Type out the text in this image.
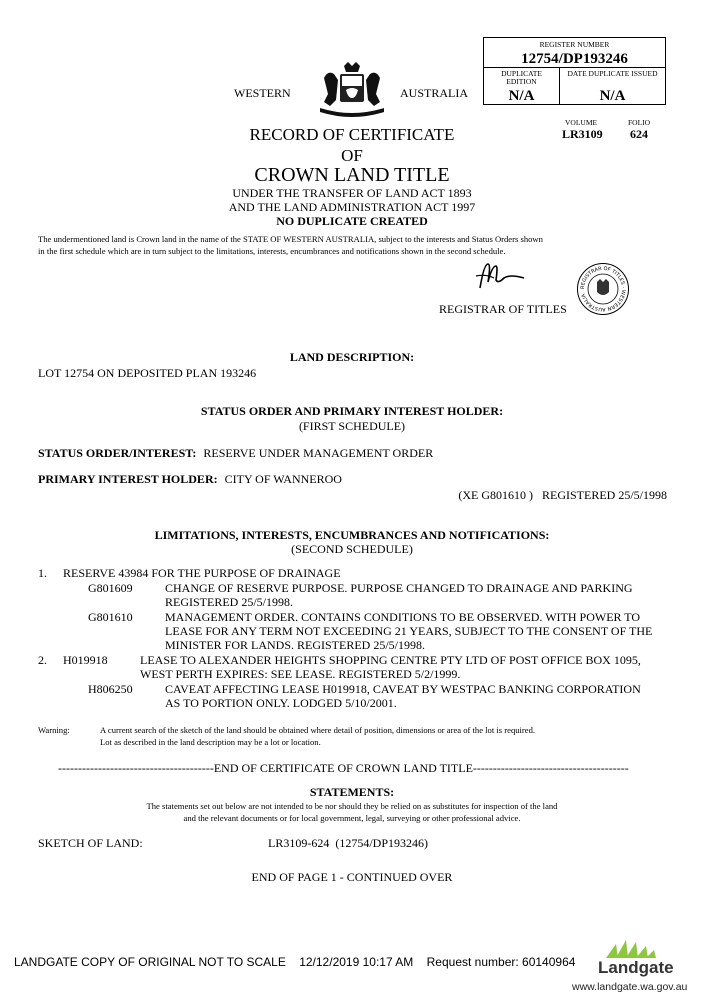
WESTERN	AUSTRALIA
REGISTER NUMBER
12754/DP193246
DUPLICATE EDITION
N/A
DATE DUPLICATE ISSUED
N/A
VOLUME
LR3109
FOLIO
624
RECORD OF CERTIFICATE
OF
CROWN LAND TITLE
UNDER THE TRANSFER OF LAND ACT 1893
AND THE LAND ADMINISTRATION ACT 1997
NO DUPLICATE CREATED
The undermentioned land is Crown land in the name of the STATE OF WESTERN AUSTRALIA, subject to the interests and Status Orders shown
in the first schedule which are in turn subject to the limitations, interests, encumbrances and notifications shown in the second schedule.
REGISTRAR OF TITLES · WESTERN AUSTRALIA
REGISTRAR OF TITLES
LAND DESCRIPTION:
LOT 12754 ON DEPOSITED PLAN 193246
STATUS ORDER AND PRIMARY INTEREST HOLDER:
(FIRST SCHEDULE)
STATUS ORDER/INTEREST: RESERVE UNDER MANAGEMENT ORDER
PRIMARY INTEREST HOLDER: CITY OF WANNEROO
(XE G801610 )   REGISTERED 25/5/1998
LIMITATIONS, INTERESTS, ENCUMBRANCES AND NOTIFICATIONS:
(SECOND SCHEDULE)
1. RESERVE 43984 FOR THE PURPOSE OF DRAINAGE
G801609	CHANGE OF RESERVE PURPOSE. PURPOSE CHANGED TO DRAINAGE AND PARKING
REGISTERED 25/5/1998.
G801610	MANAGEMENT ORDER. CONTAINS CONDITIONS TO BE OBSERVED. WITH POWER TO
LEASE FOR ANY TERM NOT EXCEEDING 21 YEARS, SUBJECT TO THE CONSENT OF THE
MINISTER FOR LANDS. REGISTERED 25/5/1998.
2. H019918	LEASE TO ALEXANDER HEIGHTS SHOPPING CENTRE PTY LTD OF POST OFFICE BOX 1095,
WEST PERTH EXPIRES: SEE LEASE. REGISTERED 5/2/1999.
H806250	CAVEAT AFFECTING LEASE H019918, CAVEAT BY WESTPAC BANKING CORPORATION
AS TO PORTION ONLY. LODGED 5/10/2001.
Warning:	A current search of the sketch of the land should be obtained where detail of position, dimensions or area of the lot is required.
Lot as described in the land description may be a lot or location.
---------------------------------------END OF CERTIFICATE OF CROWN LAND TITLE---------------------------------------
STATEMENTS:
The statements set out below are not intended to be nor should they be relied on as substitutes for inspection of the land
and the relevant documents or for local government, legal, surveying or other professional advice.
SKETCH OF LAND:	LR3109-624  (12754/DP193246)
END OF PAGE 1 - CONTINUED OVER
LANDGATE COPY OF ORIGINAL NOT TO SCALE 12/12/2019 10:17 AM Request number: 60140964 Landgate
www.landgate.wa.gov.au
